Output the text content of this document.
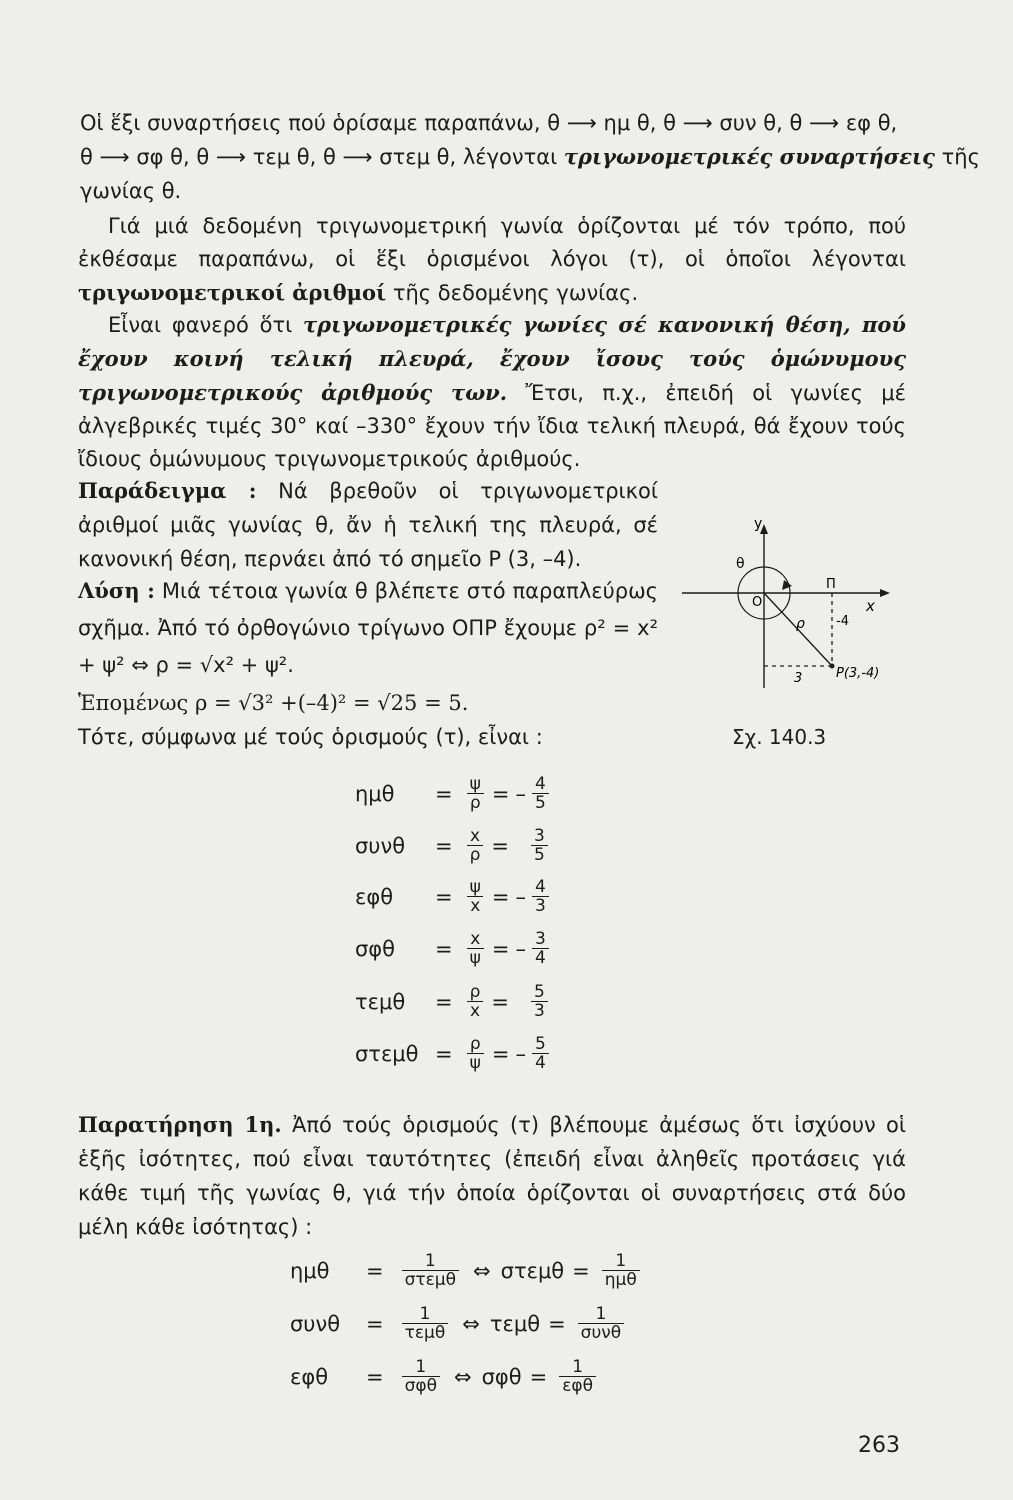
Οἱ ἕξι συναρτήσεις πού ὁρίσαμε παραπάνω, θ ⟶ ημ θ, θ ⟶ συν θ, θ ⟶ εφ θ,
θ ⟶ σφ θ, θ ⟶ τεμ θ, θ ⟶ στεμ θ, λέγονται τριγωνομετρικές συναρτήσεις τῆς
γωνίας θ.
Γιά μιά δεδομένη τριγωνομετρική γωνία ὁρίζονται μέ τόν τρόπο, πού ἐκθέσαμε παραπάνω, οἱ ἕξι ὁρισμένοι λόγοι (τ), οἱ ὁποῖοι λέγονται τριγωνομετρικοί ἀριθμοί τῆς δεδομένης γωνίας.
Εἶναι φανερό ὅτι τριγωνομετρικές γωνίες σέ κανονική θέση, πού ἔχουν κοινή τελική πλευρά, ἔχουν ἴσους τούς ὁμώνυμους τριγωνομετρικούς ἀριθμούς των. Ἔτσι, π.χ., ἐπειδή οἱ γωνίες μέ ἀλγεβρικές τιμές 30° καί –330° ἔχουν τήν ἴδια τελική πλευρά, θά ἔχουν τούς ἴδιους ὁμώνυμους τριγωνομετρικούς ἀριθμούς.
Παράδειγμα : Νά βρεθοῦν οἱ τριγωνομετρικοί ἀριθμοί μιᾶς γωνίας θ, ἄν ἡ τελική της πλευρά, σέ κανονική θέση, περνάει ἀπό τό σημεῖο Ρ (3, –4).
Λύση : Μιά τέτοια γωνία θ βλέπετε στό παραπλεύρως σχῆμα. Ἀπό τό ὀρθογώνιο τρίγωνο ΟΠΡ ἔχουμε ρ² = x² + ψ² ⇔ ρ = √x² + ψ².
Ἑπομένως ρ = √3² +(–4)² = √25 = 5.
Τότε, σύμφωνα μέ τούς ὁρισμούς (τ), εἶναι :
y
x
O
θ
Π
ρ -4
3	P(3,-4)
Σχ. 140.3
ημθ	= $\frac{\psi}{\rho}$ = – $\frac{4}{5}$
συνθ	= $\frac{x}{\rho} = \frac{3}{5}$
εφθ	= $\frac{\psi}{x}$ = – $\frac{4}{3}$
σφθ	= $\frac{x}{\psi}$ = – $\frac{3}{4}$
τεμθ	= $\frac{\rho}{x} = \frac{5}{3}$
$\sigma\tau\varepsilon\mu\theta = \frac{\rho}{\psi}$ = – $\frac{5}{4}$
Παρατήρηση 1η. Ἀπό τούς ὁρισμούς (τ) βλέπουμε ἀμέσως ὅτι ἰσχύουν οἱ ἑξῆς ἰσότητες, πού εἶναι ταυτότητες (ἐπειδή εἶναι ἀληθεῖς προτάσεις γιά κάθε τιμή τῆς γωνίας θ, γιά τήν ὁποία ὁρίζονται οἱ συναρτήσεις στά δύο μέλη κάθε ἰσότητας) :
ημθ	= $\frac{1}{\text{στεμθ}}$ ⇔ $\sigma\tau\varepsilon\mu\theta = \frac{1}{\text{ημθ}}$
συνθ	= $\frac{1}{\text{τεμθ}}$ ⇔ $\tau\varepsilon\mu\theta = \frac{1}{\text{συνθ}}$
εφθ	= $\frac{1}{\text{σφθ}}$ ⇔ $\sigma\varphi\theta = \frac{1}{\text{εφθ}}$
263
